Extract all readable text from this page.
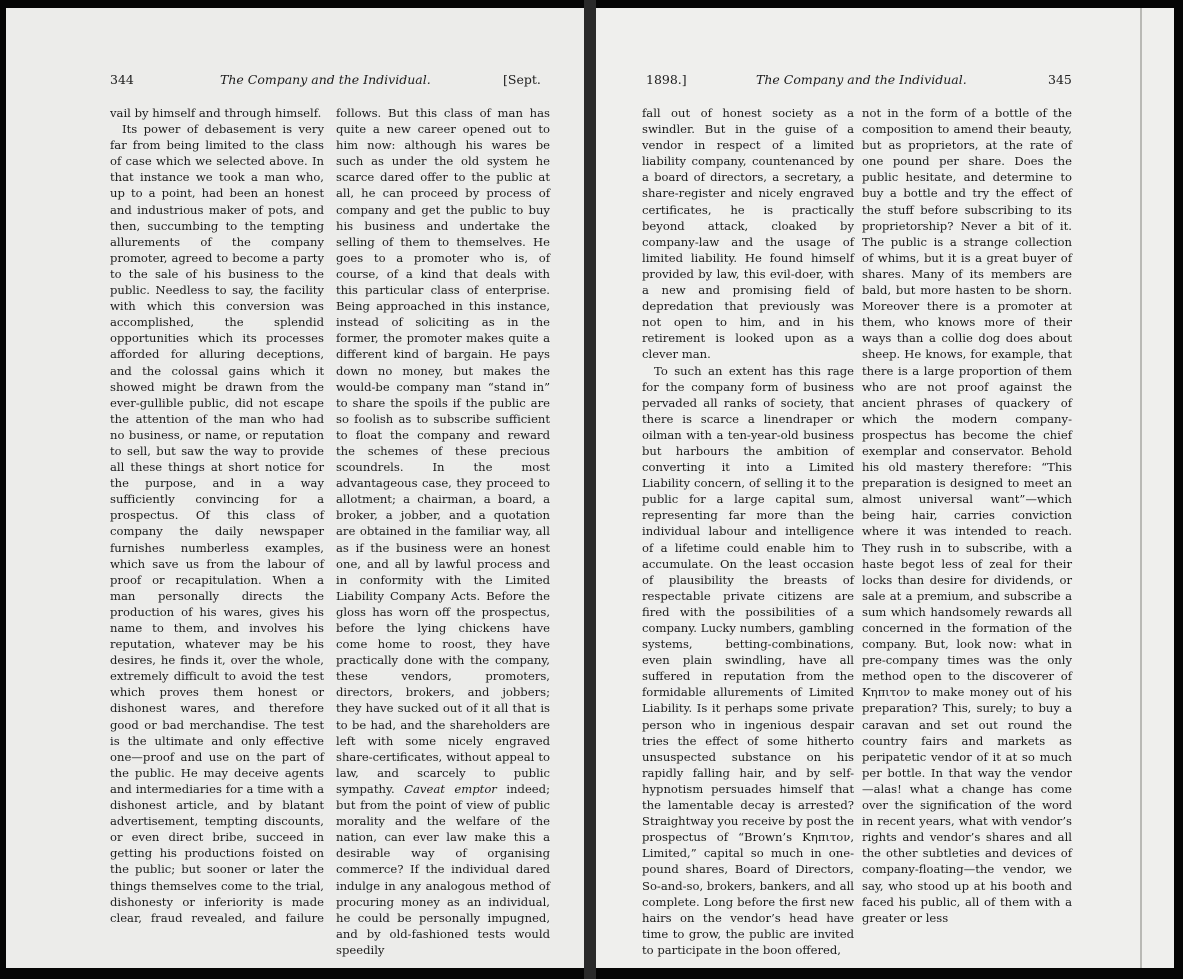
344	The Company and the Individual.	[Sept.

vail by himself and through himself.

Its power of debasement is very far from being limited to the class of case which we selected above. In that instance we took a man who, up to a point, had been an honest and industrious maker of pots, and then, succumbing to the tempting allurements of the company promoter, agreed to become a party to the sale of his business to the public. Needless to say, the facility with which this conversion was accomplished, the splendid opportunities which its processes afforded for alluring deceptions, and the colossal gains which it showed might be drawn from the ever-gullible public, did not escape the attention of the man who had no business, or name, or reputation to sell, but saw the way to provide all these things at short notice for the purpose, and in a way sufficiently convincing for a prospectus. Of this class of company the daily newspaper furnishes numberless examples, which save us from the labour of proof or recapitulation. When a man personally directs the production of his wares, gives his name to them, and involves his reputation, whatever may be his desires, he finds it, over the whole, extremely difficult to avoid the test which proves them honest or dishonest wares, and therefore good or bad merchandise. The test is the ultimate and only effective one—proof and use on the part of the public. He may deceive agents and intermediaries for a time with a dishonest article, and by blatant advertisement, tempting discounts, or even direct bribe, succeed in getting his productions foisted on the public; but sooner or later the things themselves come to the trial, dishonesty or inferiority is made clear, fraud revealed, and failure

follows. But this class of man has quite a new career opened out to him now: although his wares be such as under the old system he scarce dared offer to the public at all, he can proceed by process of company and get the public to buy his business and undertake the selling of them to themselves. He goes to a promoter who is, of course, of a kind that deals with this particular class of enterprise. Being approached in this instance, instead of soliciting as in the former, the promoter makes quite a different kind of bargain. He pays down no money, but makes the would-be company man “stand in” to share the spoils if the public are so foolish as to subscribe sufficient to float the company and reward the schemes of these precious scoundrels. In the most advantageous case, they proceed to allotment; a chairman, a board, a broker, a jobber, and a quotation are obtained in the familiar way, all as if the business were an honest one, and all by lawful process and in conformity with the Limited Liability Company Acts. Before the gloss has worn off the prospectus, before the lying chickens have come home to roost, they have practically done with the company, these vendors, promoters, directors, brokers, and jobbers; they have sucked out of it all that is to be had, and the shareholders are left with some nicely engraved share-certificates, without appeal to law, and scarcely to public sympathy. Caveat emptor indeed; but from the point of view of public morality and the welfare of the nation, can ever law make this a desirable way of organising commerce? If the individual dared indulge in any analogous method of procuring money as an individual, he could be personally impugned, and by old-fashioned tests would speedily

1898.]	The Company and the Individual.	345

fall out of honest society as a swindler. But in the guise of a vendor in respect of a limited liability company, countenanced by a board of directors, a secretary, a share-register and nicely engraved certificates, he is practically beyond attack, cloaked by company-law and the usage of limited liability. He found himself provided by law, this evil-doer, with a new and promising field of depredation that previously was not open to him, and in his retirement is looked upon as a clever man.

To such an extent has this rage for the company form of business pervaded all ranks of society, that there is scarce a linendraper or oilman with a ten-year-old business but harbours the ambition of converting it into a Limited Liability concern, of selling it to the public for a large capital sum, representing far more than the individual labour and intelligence of a lifetime could enable him to accumulate. On the least occasion of plausibility the breasts of respectable private citizens are fired with the possibilities of a company. Lucky numbers, gambling systems, betting-combinations, even plain swindling, have all suffered in reputation from the formidable allurements of Limited Liability. Is it perhaps some private person who in ingenious despair tries the effect of some hitherto unsuspected substance on his rapidly falling hair, and by self-hypnotism persuades himself that the lamentable decay is arrested? Straightway you receive by post the prospectus of “Brown’s Κηπιτον, Limited,” capital so much in one-pound shares, Board of Directors, So-and-so, brokers, bankers, and all complete. Long before the first new hairs on the vendor’s head have time to grow, the public are invited to participate in the boon offered,

not in the form of a bottle of the composition to amend their beauty, but as proprietors, at the rate of one pound per share. Does the public hesitate, and determine to buy a bottle and try the effect of the stuff before subscribing to its proprietorship? Never a bit of it. The public is a strange collection of whims, but it is a great buyer of shares. Many of its members are bald, but more hasten to be shorn. Moreover there is a promoter at them, who knows more of their ways than a collie dog does about sheep. He knows, for example, that there is a large proportion of them who are not proof against the ancient phrases of quackery of which the modern company-prospectus has become the chief exemplar and conservator. Behold his old mastery therefore: “This preparation is designed to meet an almost universal want”—which being hair, carries conviction where it was intended to reach. They rush in to subscribe, with a haste begot less of zeal for their locks than desire for dividends, or sale at a premium, and subscribe a sum which handsomely rewards all concerned in the formation of the company. But, look now: what in pre-company times was the only method open to the discoverer of Κηπιτον to make money out of his preparation? This, surely; to buy a caravan and set out round the country fairs and markets as peripatetic vendor of it at so much per bottle. In that way the vendor—alas! what a change has come over the signification of the word in recent years, what with vendor’s rights and vendor’s shares and all the other subtleties and devices of company-floating—the vendor, we say, who stood up at his booth and faced his public, all of them with a greater or less
